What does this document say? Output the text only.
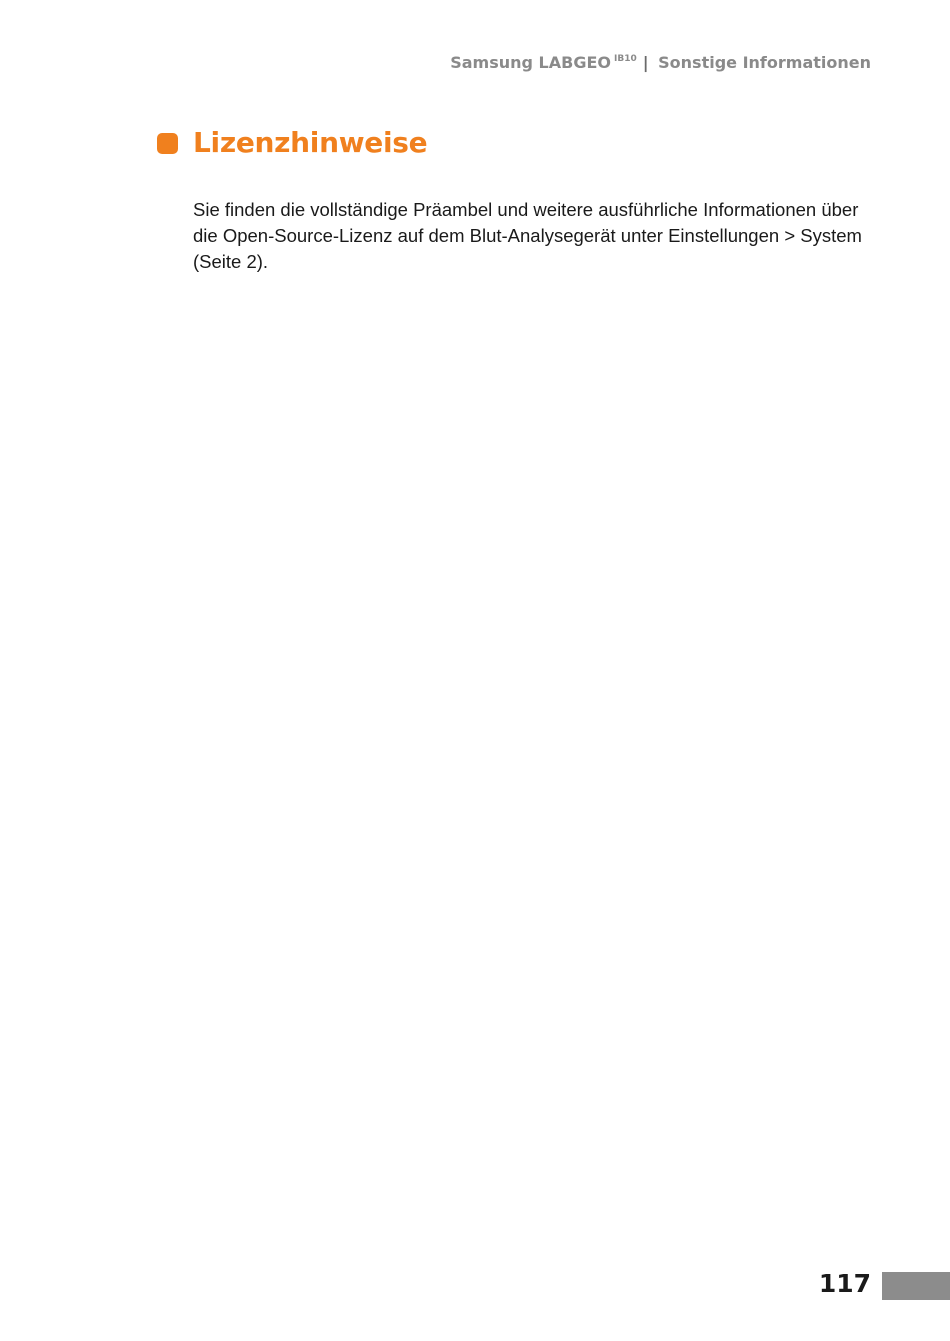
Samsung LABGEO $^{IB10}$ | Sonstige Informationen
Lizenzhinweise

Sie finden die vollständige Präambel und weitere ausführliche Informationen über die Open-Source-Lizenz auf dem Blut-Analysegerät unter Einstellungen > System (Seite 2).

117
